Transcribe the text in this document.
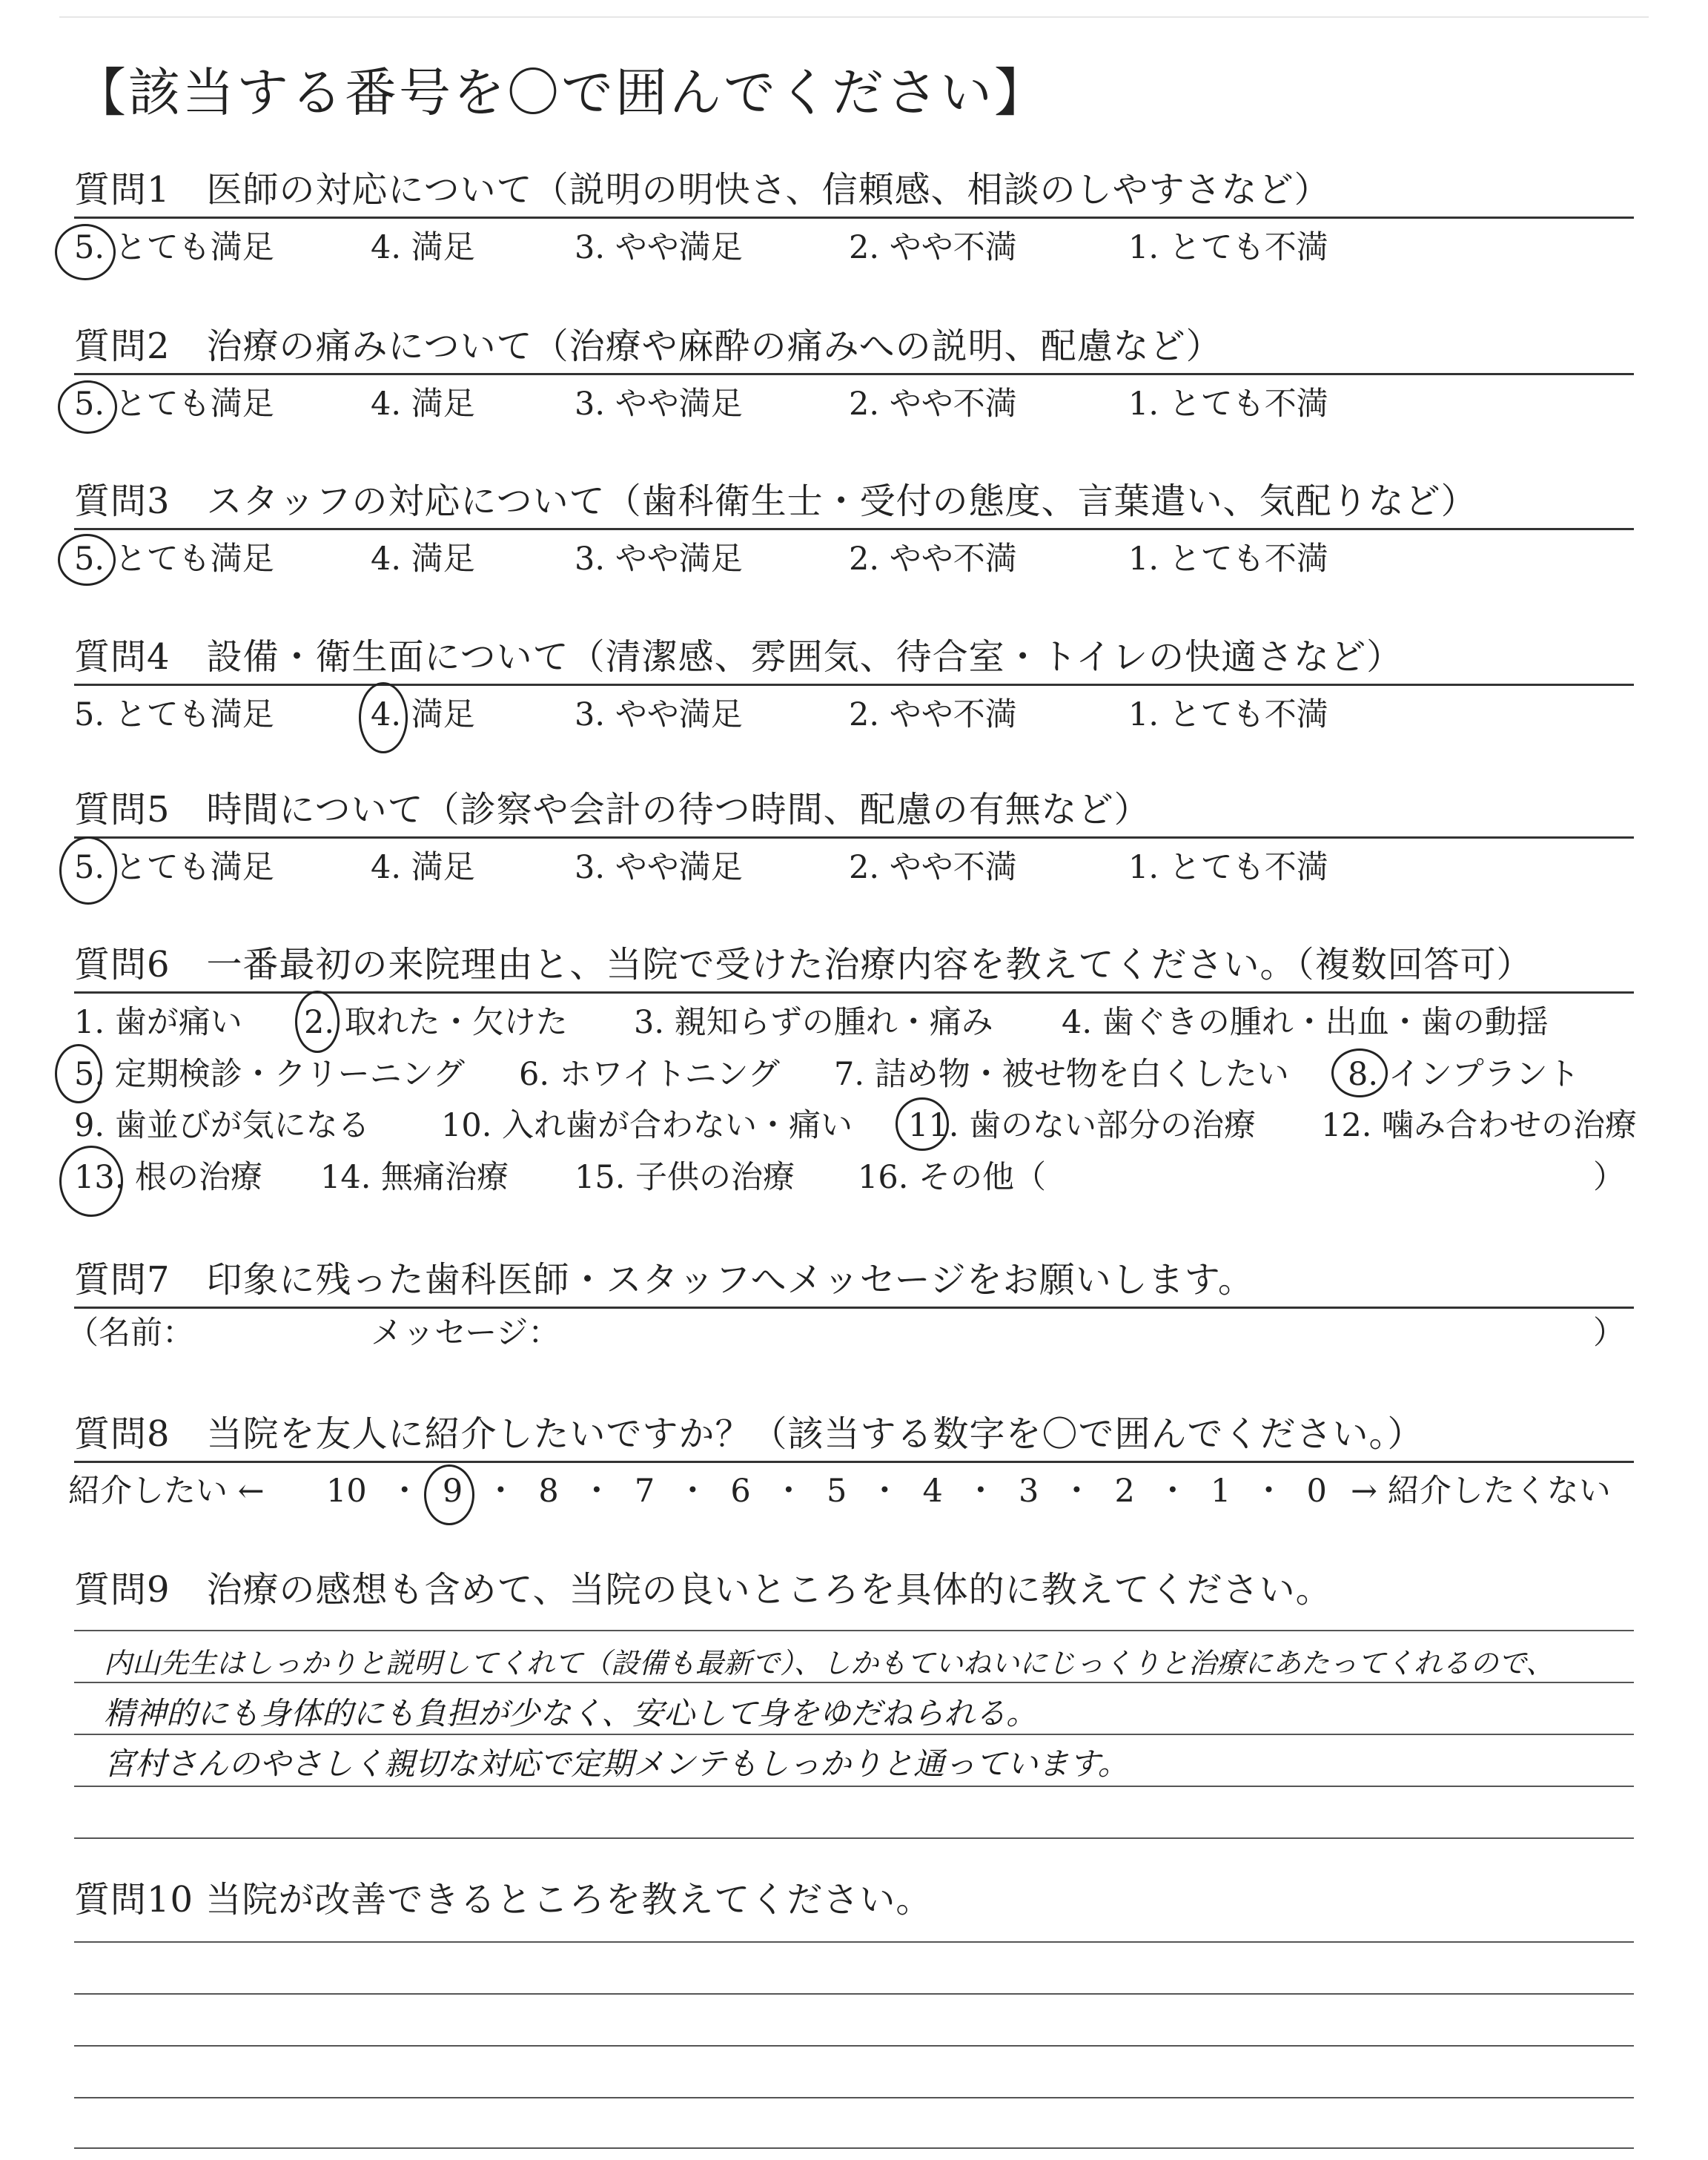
【該当する番号を〇で囲んでください】
質問1　医師の対応について（説明の明快さ、信頼感、相談のしやすさなど）
5. とても満足	4. 満足	3. やや満足	2. やや不満	1. とても不満
質問2　治療の痛みについて（治療や麻酔の痛みへの説明、配慮など）
5. とても満足	4. 満足	3. やや満足	2. やや不満	1. とても不満
質問3　スタッフの対応について（歯科衛生士・受付の態度、言葉遣い、気配りなど）
5. とても満足	4. 満足	3. やや満足	2. やや不満	1. とても不満
質問4　設備・衛生面について（清潔感、雰囲気、待合室・トイレの快適さなど）
5. とても満足	4. 満足	3. やや満足	2. やや不満	1. とても不満
質問5　時間について（診察や会計の待つ時間、配慮の有無など）
5. とても満足	4. 満足	3. やや満足	2. やや不満	1. とても不満
質問6　一番最初の来院理由と、当院で受けた治療内容を教えてください。（複数回答可）
1. 歯が痛い 2. 取れた・欠けた 3. 親知らずの腫れ・痛み 4. 歯ぐきの腫れ・出血・歯の動揺
5. 定期検診・クリーニング 6. ホワイトニング 7. 詰め物・被せ物を白くしたい 8. インプラント
9. 歯並びが気になる 10. 入れ歯が合わない・痛い 11. 歯のない部分の治療 12. 噛み合わせの治療
13. 根の治療 14. 無痛治療 15. 子供の治療 16. その他（	）
質問7　印象に残った歯科医師・スタッフへメッセージをお願いします。
（名前：	メッセージ：	）
質問8　当院を友人に紹介したいですか？（該当する数字を〇で囲んでください。）
紹介したい ←	→ 紹介したくない
10 ・ 9 ・ 8 ・ 7 ・ 6 ・ 5 ・ 4 ・ 3 ・ 2 ・ 1 ・ 0
質問9　治療の感想も含めて、当院の良いところを具体的に教えてください。
内山先生はしっかりと説明してくれて（設備も最新で）、しかもていねいにじっくりと治療にあたってくれるので、
精神的にも身体的にも負担が少なく、安心して身をゆだねられる。
宮村さんのやさしく親切な対応で定期メンテもしっかりと通っています。
質問10 当院が改善できるところを教えてください。
